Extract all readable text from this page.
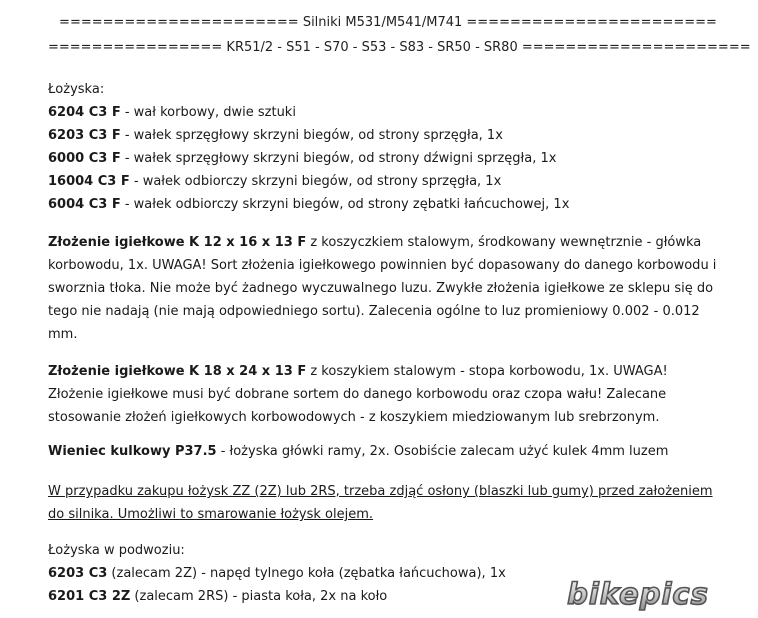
====================== Silniki M531/M541/M741 =======================
================ KR51/2 - S51 - S70 - S53 - S83 - SR50 - SR80 =====================
Łożyska:
6204 C3 F - wał korbowy, dwie sztuki
6203 C3 F - wałek sprzęgłowy skrzyni biegów, od strony sprzęgła, 1x
6000 C3 F - wałek sprzęgłowy skrzyni biegów, od strony dźwigni sprzęgła, 1x
16004 C3 F - wałek odbiorczy skrzyni biegów, od strony sprzęgła, 1x
6004 C3 F - wałek odbiorczy skrzyni biegów, od strony zębatki łańcuchowej, 1x
Złożenie igiełkowe K 12 x 16 x 13 F z koszyczkiem stalowym, środkowany wewnętrznie - główka korbowodu, 1x. UWAGA! Sort złożenia igiełkowego powinnien być dopasowany do danego korbowodu i sworznia tłoka. Nie może być żadnego wyczuwalnego luzu. Zwykłe złożenia igiełkowe ze sklepu się do tego nie nadają (nie mają odpowiedniego sortu). Zalecenia ogólne to luz promieniowy 0.002 - 0.012 mm.
Złożenie igiełkowe K 18 x 24 x 13 F z koszykiem stalowym - stopa korbowodu, 1x. UWAGA! Złożenie igiełkowe musi być dobrane sortem do danego korbowodu oraz czopa wału! Zalecane stosowanie złożeń igiełkowych korbowodowych - z koszykiem miedziowanym lub srebrzonym.
Wieniec kulkowy P37.5 - łożyska główki ramy, 2x. Osobiście zalecam użyć kulek 4mm luzem
W przypadku zakupu łożysk ZZ (2Z) lub 2RS, trzeba zdjąć osłony (blaszki lub gumy) przed założeniem do silnika. Umożliwi to smarowanie łożysk olejem.
Łożyska w podwoziu:
6203 C3 (zalecam 2Z) - napęd tylnego koła (zębatka łańcuchowa), 1x
6201 C3 2Z (zalecam 2RS) - piasta koła, 2x na koło	bikepics
